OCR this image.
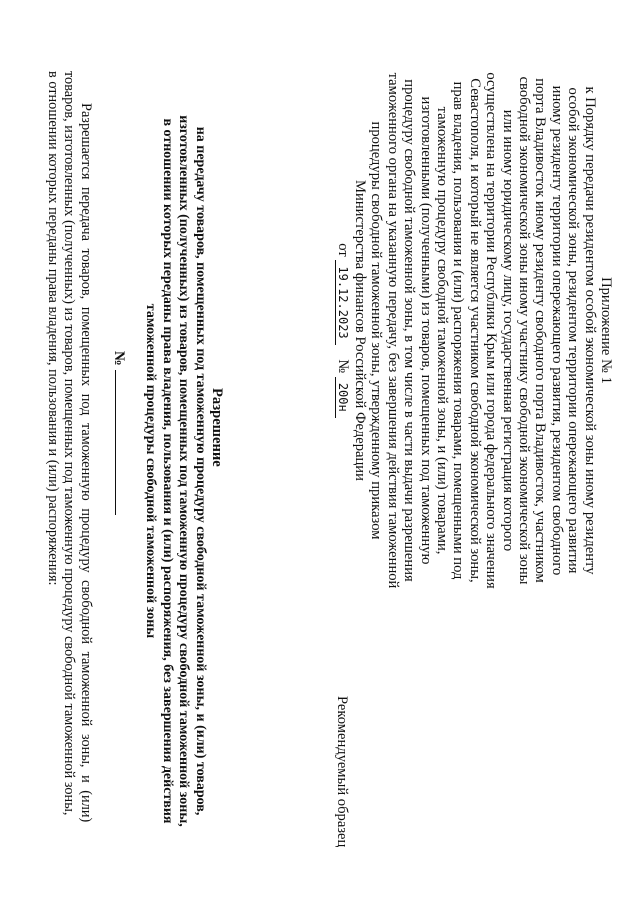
Приложение № 1
к Порядку передачи резидентом особой экономической зоны иному резиденту
особой экономической зоны, резидентом территории опережающего развития
иному резиденту территории опережающего развития, резидентом свободного
порта Владивосток иному резиденту свободного порта Владивосток, участником
свободной экономической зоны иному участнику свободной экономической зоны
или иному юридическому лицу, государственная регистрация которого
осуществлена на территории Республики Крым или города федерального значения
Севастополя, и который не является участником свободной экономической зоны,
прав владения, пользования и (или) распоряжения товарами, помещенными под
таможенную процедуру свободной таможенной зоны, и (или) товарами,
изготовленными (полученными) из товаров, помещенных под таможенную
процедуру свободной таможенной зоны, в том числе в части выдачи разрешения
таможенного органа на указанную передачу, без завершения действия таможенной
процедуры свободной таможенной зоны, утвержденному приказом
Министерства финансов Российской Федерации
от 19.12.2023    № 200н
Рекомендуемый образец
Разрешение
на передачу товаров, помещенных под таможенную процедуру свободной таможенной зоны, и (или) товаров,
изготовленных (полученных) из товаров, помещенных под таможенную процедуру свободной таможенной зоны,
в отношении которых переданы права владения, пользования и (или) распоряжения, без завершения действия
таможенной процедуры свободной таможенной зоны
№
Разрешается передача товаров, помещенных под таможенную процедуру свободной таможенной зоны, и (или)
товаров, изготовленных (полученных) из товаров, помещенных под таможенную процедуру свободной таможенной зоны,
в отношении которых переданы права владения, пользования и (или) распоряжения:
